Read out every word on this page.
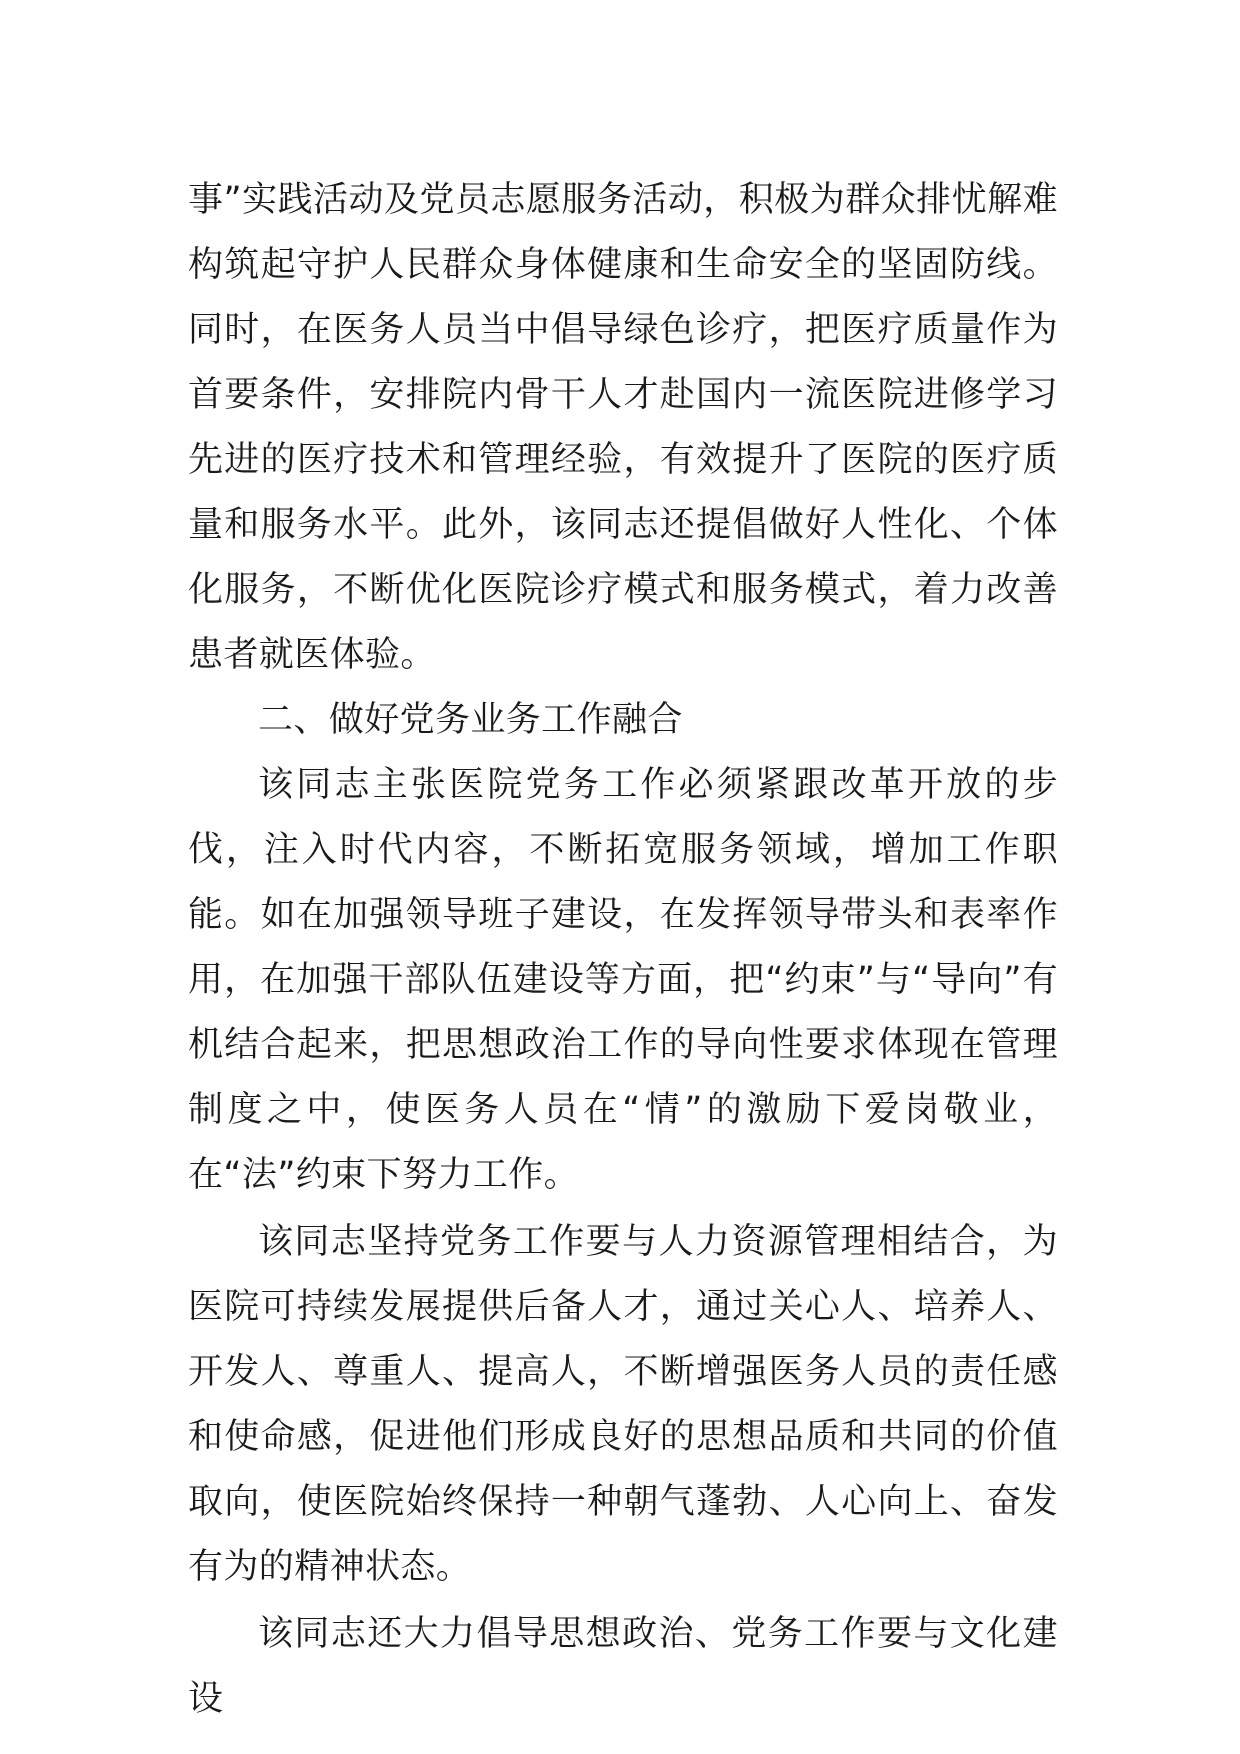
事”实践活动及党员志愿服务活动，积极为群众排忧解难构筑起守护人民群众身体健康和生命安全的坚固防线。同时，在医务人员当中倡导绿色诊疗，把医疗质量作为首要条件，安排院内骨干人才赴国内一流医院进修学习先进的医疗技术和管理经验，有效提升了医院的医疗质量和服务水平。此外，该同志还提倡做好人性化、个体化服务，不断优化医院诊疗模式和服务模式，着力改善患者就医体验。

二、做好党务业务工作融合

该同志主张医院党务工作必须紧跟改革开放的步伐，注入时代内容，不断拓宽服务领域，增加工作职能。如在加强领导班子建设，在发挥领导带头和表率作用，在加强干部队伍建设等方面，把“约束”与“导向”有机结合起来，把思想政治工作的导向性要求体现在管理制度之中，使医务人员在“情”的激励下爱岗敬业，在“法”约束下努力工作。

该同志坚持党务工作要与人力资源管理相结合，为医院可持续发展提供后备人才，通过关心人、培养人、开发人、尊重人、提高人，不断增强医务人员的责任感和使命感，促进他们形成良好的思想品质和共同的价值取向，使医院始终保持一种朝气蓬勃、人心向上、奋发有为的精神状态。

该同志还大力倡导思想政治、党务工作要与文化建设
